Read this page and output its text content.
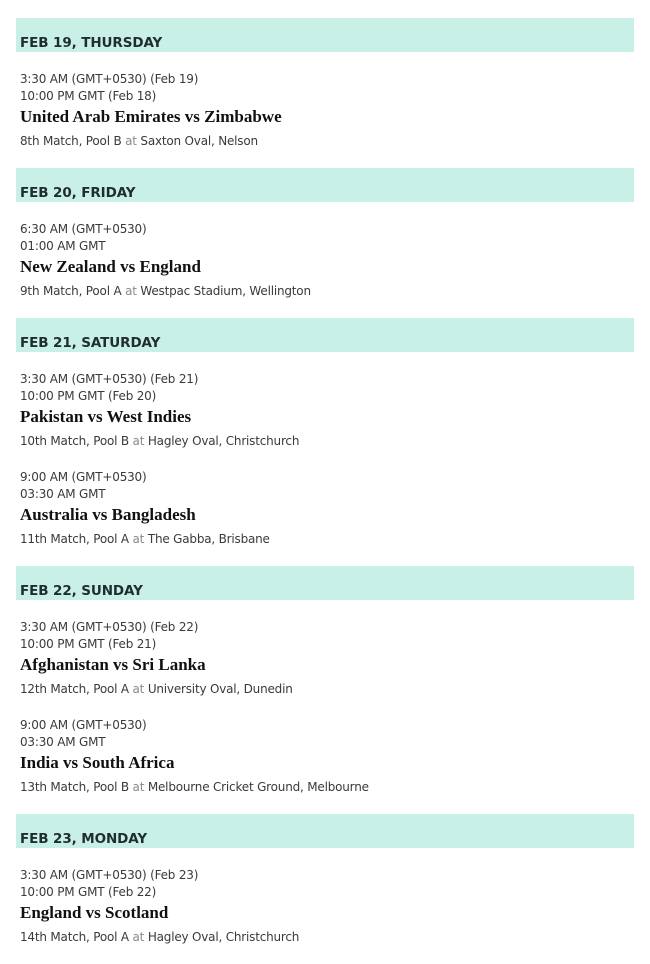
FEB 19, THURSDAY
3:30 AM (GMT+0530) (Feb 19)
10:00 PM GMT (Feb 18)
United Arab Emirates vs Zimbabwe
8th Match, Pool B at Saxton Oval, Nelson
FEB 20, FRIDAY
6:30 AM (GMT+0530)
01:00 AM GMT
New Zealand vs England
9th Match, Pool A at Westpac Stadium, Wellington
FEB 21, SATURDAY
3:30 AM (GMT+0530) (Feb 21)
10:00 PM GMT (Feb 20)
Pakistan vs West Indies
10th Match, Pool B at Hagley Oval, Christchurch
9:00 AM (GMT+0530)
03:30 AM GMT
Australia vs Bangladesh
11th Match, Pool A at The Gabba, Brisbane
FEB 22, SUNDAY
3:30 AM (GMT+0530) (Feb 22)
10:00 PM GMT (Feb 21)
Afghanistan vs Sri Lanka
12th Match, Pool A at University Oval, Dunedin
9:00 AM (GMT+0530)
03:30 AM GMT
India vs South Africa
13th Match, Pool B at Melbourne Cricket Ground, Melbourne
FEB 23, MONDAY
3:30 AM (GMT+0530) (Feb 23)
10:00 PM GMT (Feb 22)
England vs Scotland
14th Match, Pool A at Hagley Oval, Christchurch
